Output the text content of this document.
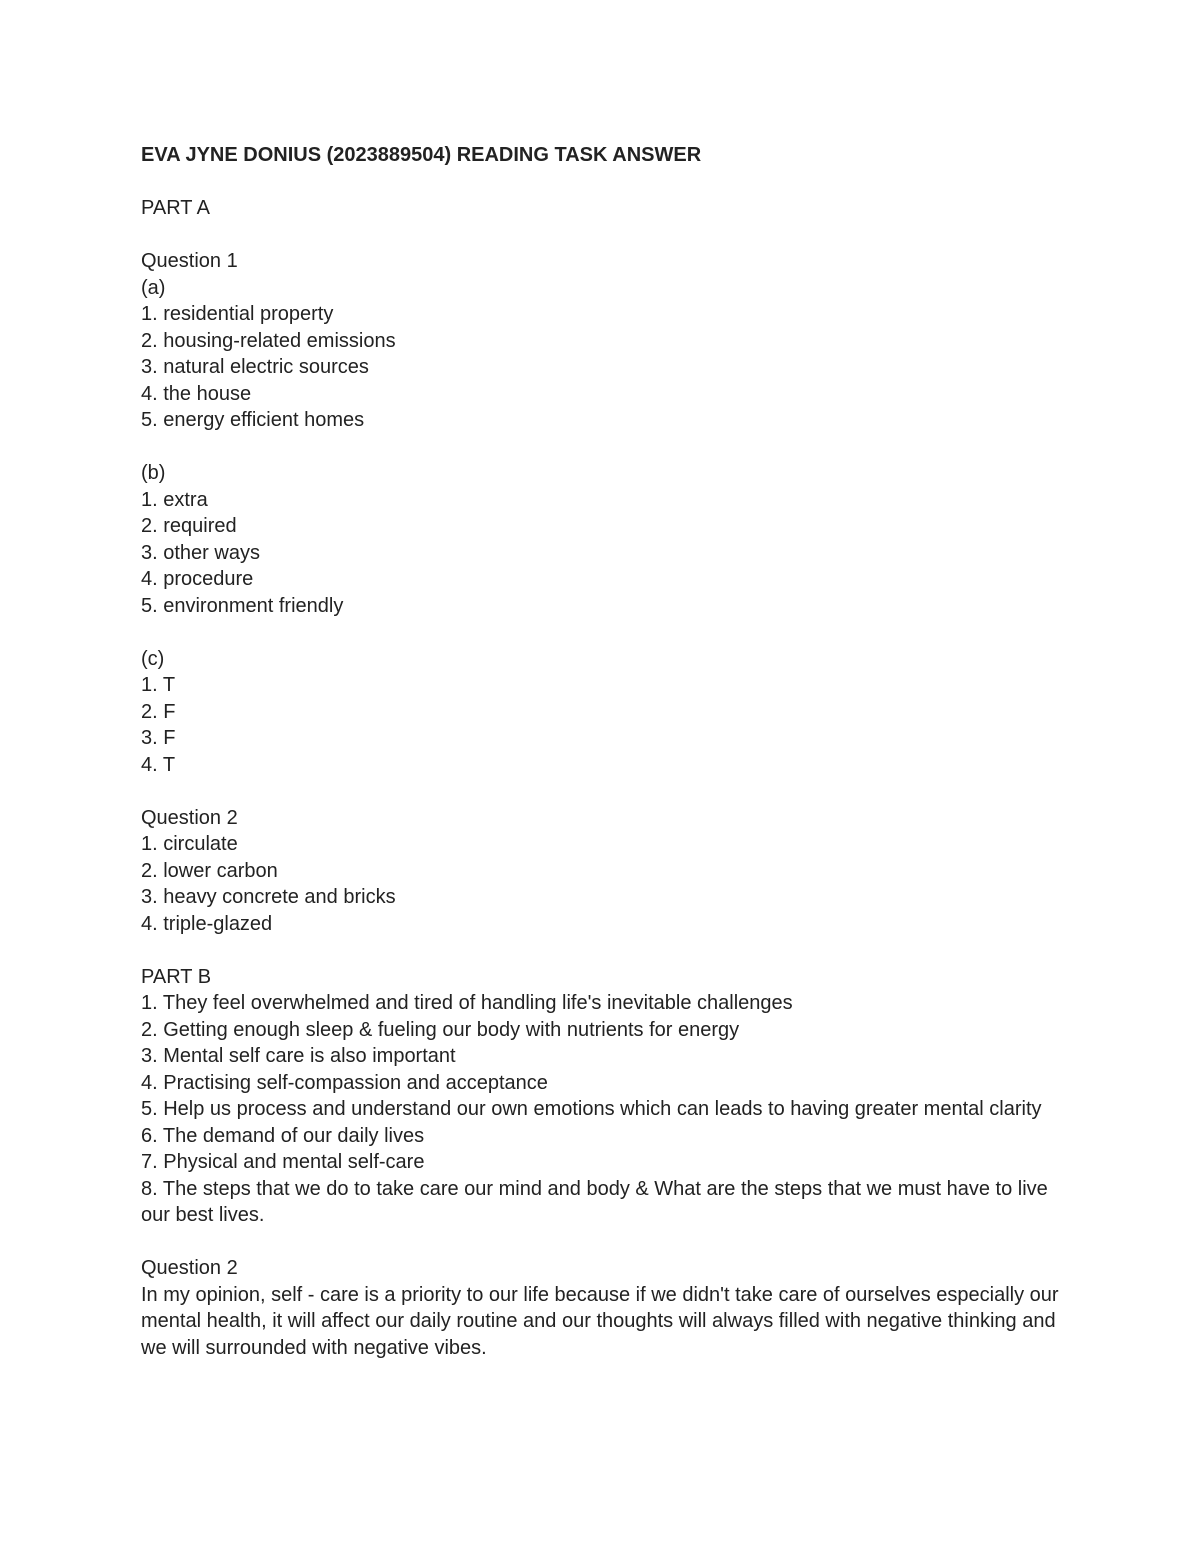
EVA JYNE DONIUS (2023889504) READING TASK ANSWER

PART A

Question 1

(a)

1. residential property

2. housing-related emissions

3. natural electric sources

4. the house

5. energy efficient homes

(b)

1. extra

2. required

3. other ways

4. procedure

5. environment friendly

(c)

1. T

2. F

3. F

4. T

Question 2

1. circulate

2. lower carbon

3. heavy concrete and bricks

4. triple-glazed

PART B

1. They feel overwhelmed and tired of handling life's inevitable challenges

2. Getting enough sleep & fueling our body with nutrients for energy

3. Mental self care is also important

4. Practising self-compassion and acceptance

5. Help us process and understand our own emotions which can leads to having greater mental clarity

6. The demand of our daily lives

7. Physical and mental self-care

8. The steps that we do to take care our mind and body & What are the steps that we must have to live our best lives.

Question 2

In my opinion, self - care is a priority to our life because if we didn't take care of ourselves especially our mental health, it will affect our daily routine and our thoughts will always filled with negative thinking and we will surrounded with negative vibes.
